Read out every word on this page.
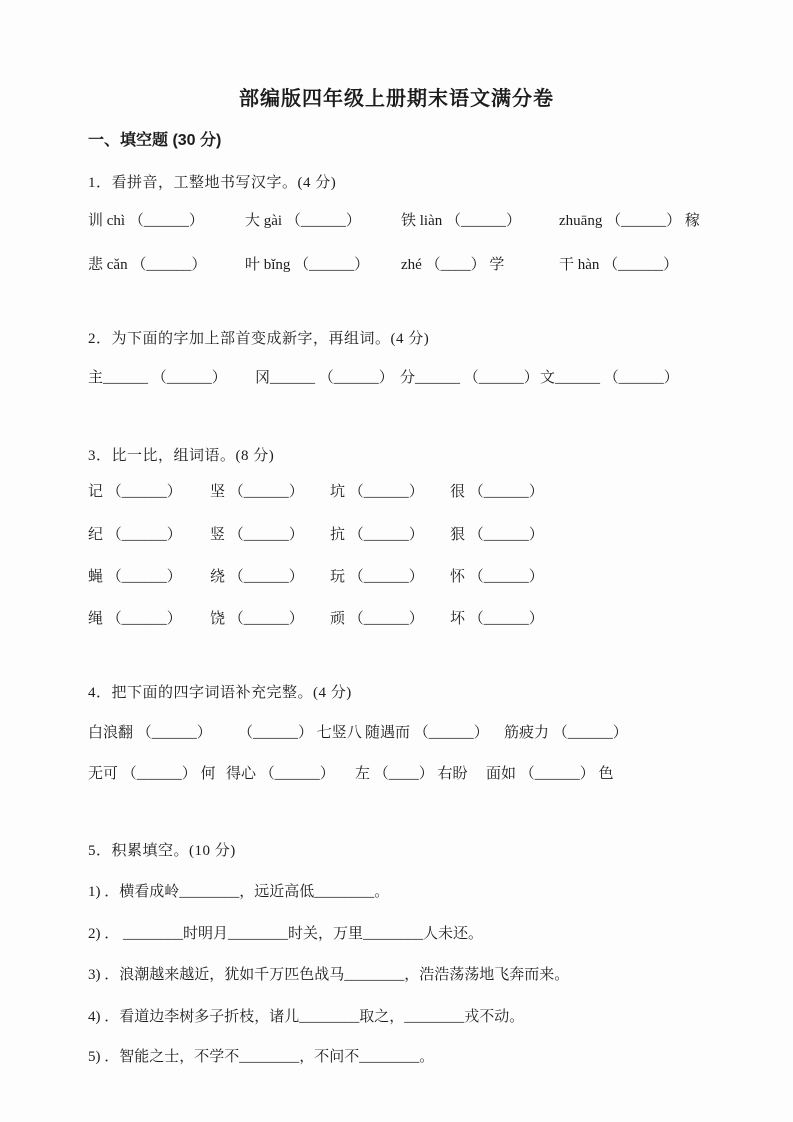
部编版四年级上册期末语文满分卷
一、填空题 (30 分)
1．看拼音，工整地书写汉字。(4 分)
训 chì （______）	大 gài （______）	铁 liàn （______）	zhuāng （______） 稼
悲 cǎn （______）	叶 bǐng （______）	zhé （____） 学	干 hàn （______）
2．为下面的字加上部首变成新字，再组词。(4 分)
主______ （______）	冈______ （______） 分______ （______） 文______ （______）
3．比一比，组词语。(8 分)
记 （______）	坚 （______）	坑 （______）	很 （______）
纪 （______）	竖 （______）	抗 （______）	狠 （______）
蝇 （______）	绕 （______）	玩 （______）	怀 （______）
绳 （______）	饶 （______）	顽 （______）	坏 （______）
4．把下面的四字词语补充完整。(4 分)
白浪翻 （______）	（______） 七竖八 随遇而 （______）	筋疲力 （______）
无可 （______） 何 得心 （______）	左 （____） 右盼	面如 （______） 色
5．积累填空。(10 分)
1) ．横看成岭________，远近高低________。
2) ． ________时明月________时关，万里________人未还。
3) ．浪潮越来越近，犹如千万匹色战马________，浩浩荡荡地飞奔而来。
4) ．看道边李树多子折枝，诸儿________取之，________戎不动。
5) ．智能之士，不学不________，不问不________。
